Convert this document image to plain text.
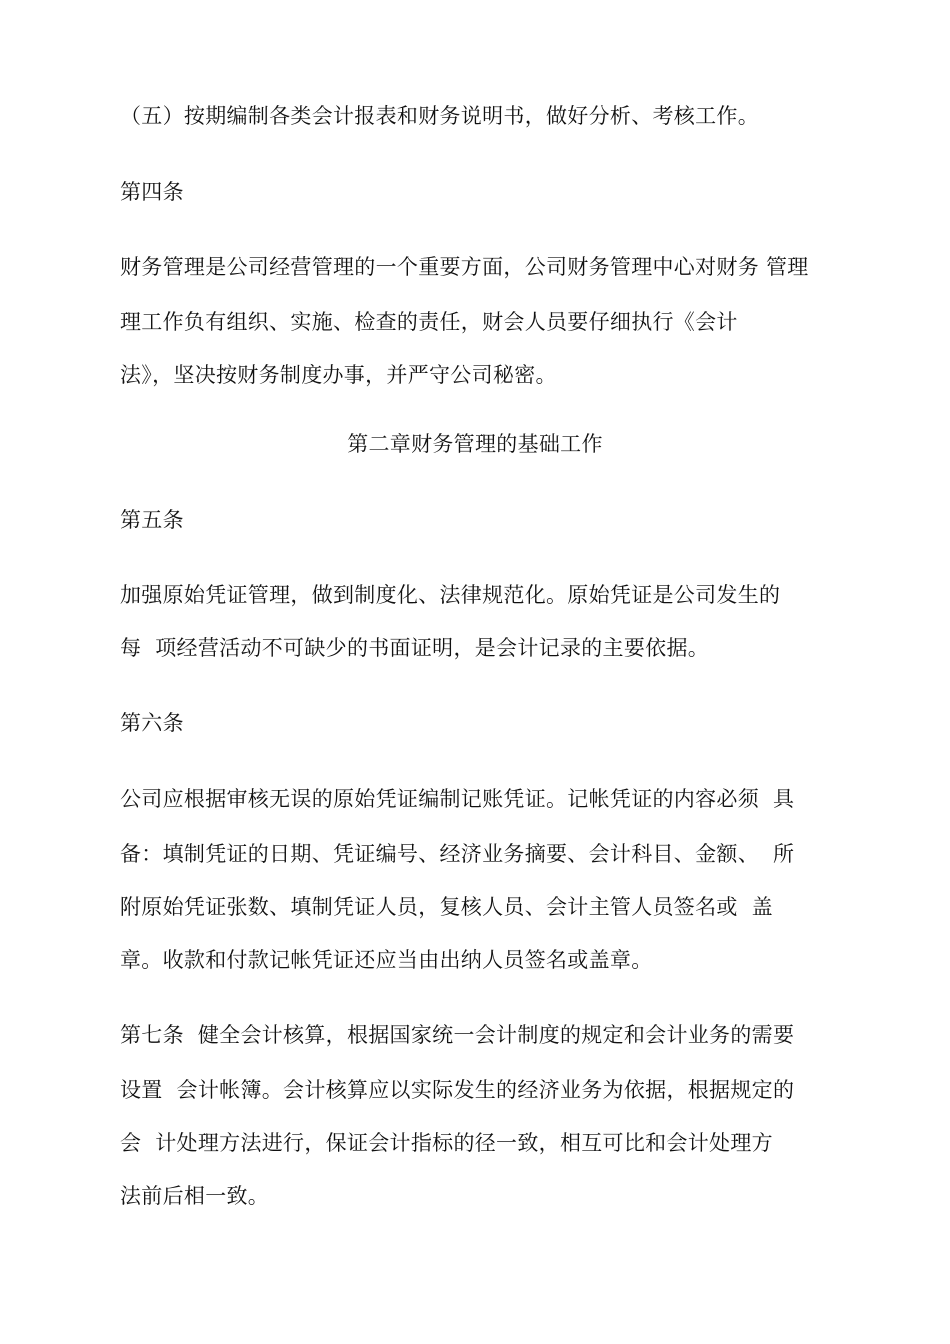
（五）按期编制各类会计报表和财务说明书，做好分析、考核工作。
第四条
财务管理是公司经营管理的一个重要方面，公司财务管理中心对财务 管理
理工作负有组织、实施、检查的责任，财会人员要仔细执行《会计
法》，坚决按财务制度办事，并严守公司秘密。
第二章财务管理的基础工作
第五条
加强原始凭证管理，做到制度化、法律规范化。原始凭证是公司发生的
每  项经营活动不可缺少的书面证明，是会计记录的主要依据。
第六条
公司应根据审核无误的原始凭证编制记账凭证。记帐凭证的内容必须  具
备：填制凭证的日期、凭证编号、经济业务摘要、会计科目、金额、  所
附原始凭证张数、填制凭证人员，复核人员、会计主管人员签名或  盖
章。收款和付款记帐凭证还应当由出纳人员签名或盖章。
第七条  健全会计核算，根据国家统一会计制度的规定和会计业务的需要
设置  会计帐簿。会计核算应以实际发生的经济业务为依据，根据规定的
会  计处理方法进行，保证会计指标的径一致，相互可比和会计处理方
法前后相一致。
